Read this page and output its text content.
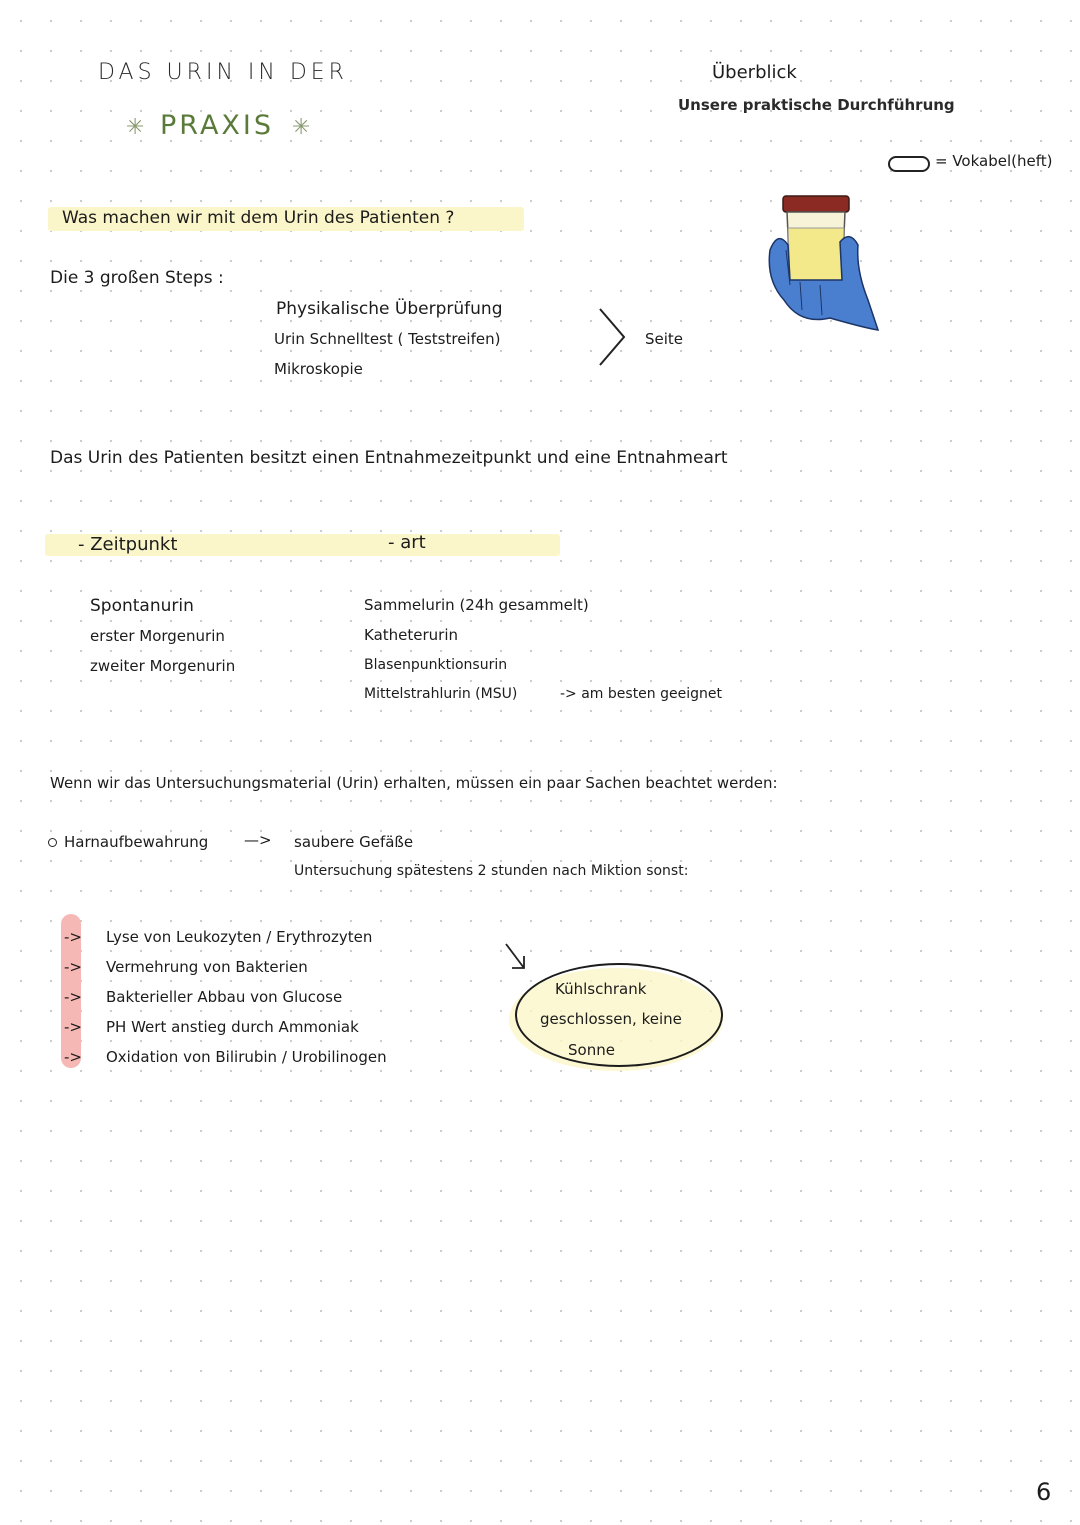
DAS URIN IN DER
✳ PRAXIS ✳
Überblick
Unsere praktische Durchführung
= Vokabel(heft)
Was machen wir mit dem Urin des Patienten ?
Die 3 großen Steps :
Physikalische Überprüfung
Urin Schnelltest ( Teststreifen)
Mikroskopie
Seite
Das Urin des Patienten besitzt einen Entnahmezeitpunkt und eine Entnahmeart
- Zeitpunkt	- art
Spontanurin
erster Morgenurin
zweiter Morgenurin
Sammelurin (24h gesammelt)
Katheterurin
Blasenpunktionsurin
Mittelstrahlurin (MSU)	-> am besten geeignet
Wenn wir das Untersuchungsmaterial (Urin) erhalten, müssen ein paar Sachen beachtet werden:
Harnaufbewahrung —> saubere Gefäße
Untersuchung spätestens 2 stunden nach Miktion sonst:
->
->
->
->
->
Lyse von Leukozyten / Erythrozyten
Vermehrung von Bakterien
Bakterieller Abbau von Glucose
PH Wert anstieg durch Ammoniak
Oxidation von Bilirubin / Urobilinogen
Kühlschrank
geschlossen, keine
Sonne
6
